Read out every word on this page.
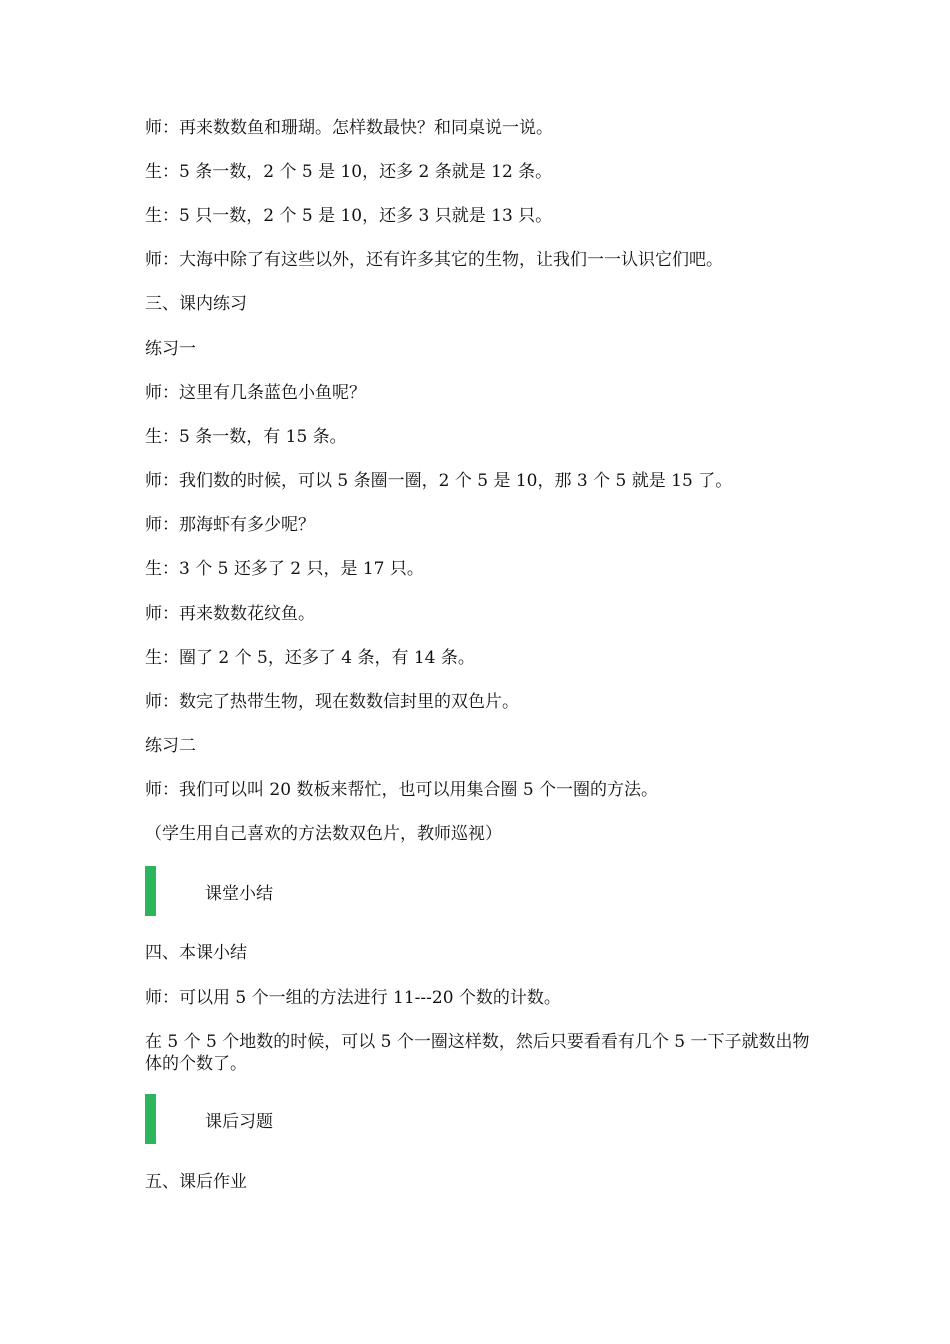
师：再来数数鱼和珊瑚。怎样数最快？和同桌说一说。
生：5 条一数，2 个 5 是 10，还多 2 条就是 12 条。
生：5 只一数，2 个 5 是 10，还多 3 只就是 13 只。
师：大海中除了有这些以外，还有许多其它的生物，让我们一一认识它们吧。
三、课内练习
练习一
师：这里有几条蓝色小鱼呢？
生：5 条一数，有 15 条。
师：我们数的时候，可以 5 条圈一圈，2 个 5 是 10，那 3 个 5 就是 15 了。
师：那海虾有多少呢？
生：3 个 5 还多了 2 只，是 17 只。
师：再来数数花纹鱼。
生：圈了 2 个 5，还多了 4 条，有 14 条。
师：数完了热带生物，现在数数信封里的双色片。
练习二
师：我们可以叫 20 数板来帮忙，也可以用集合圈 5 个一圈的方法。
（学生用自己喜欢的方法数双色片，教师巡视）
课堂小结
四、本课小结
师：可以用 5 个一组的方法进行 11---20 个数的计数。
在 5 个 5 个地数的时候，可以 5 个一圈这样数，然后只要看看有几个 5 一下子就数出物体的个数了。
课后习题
五、课后作业
